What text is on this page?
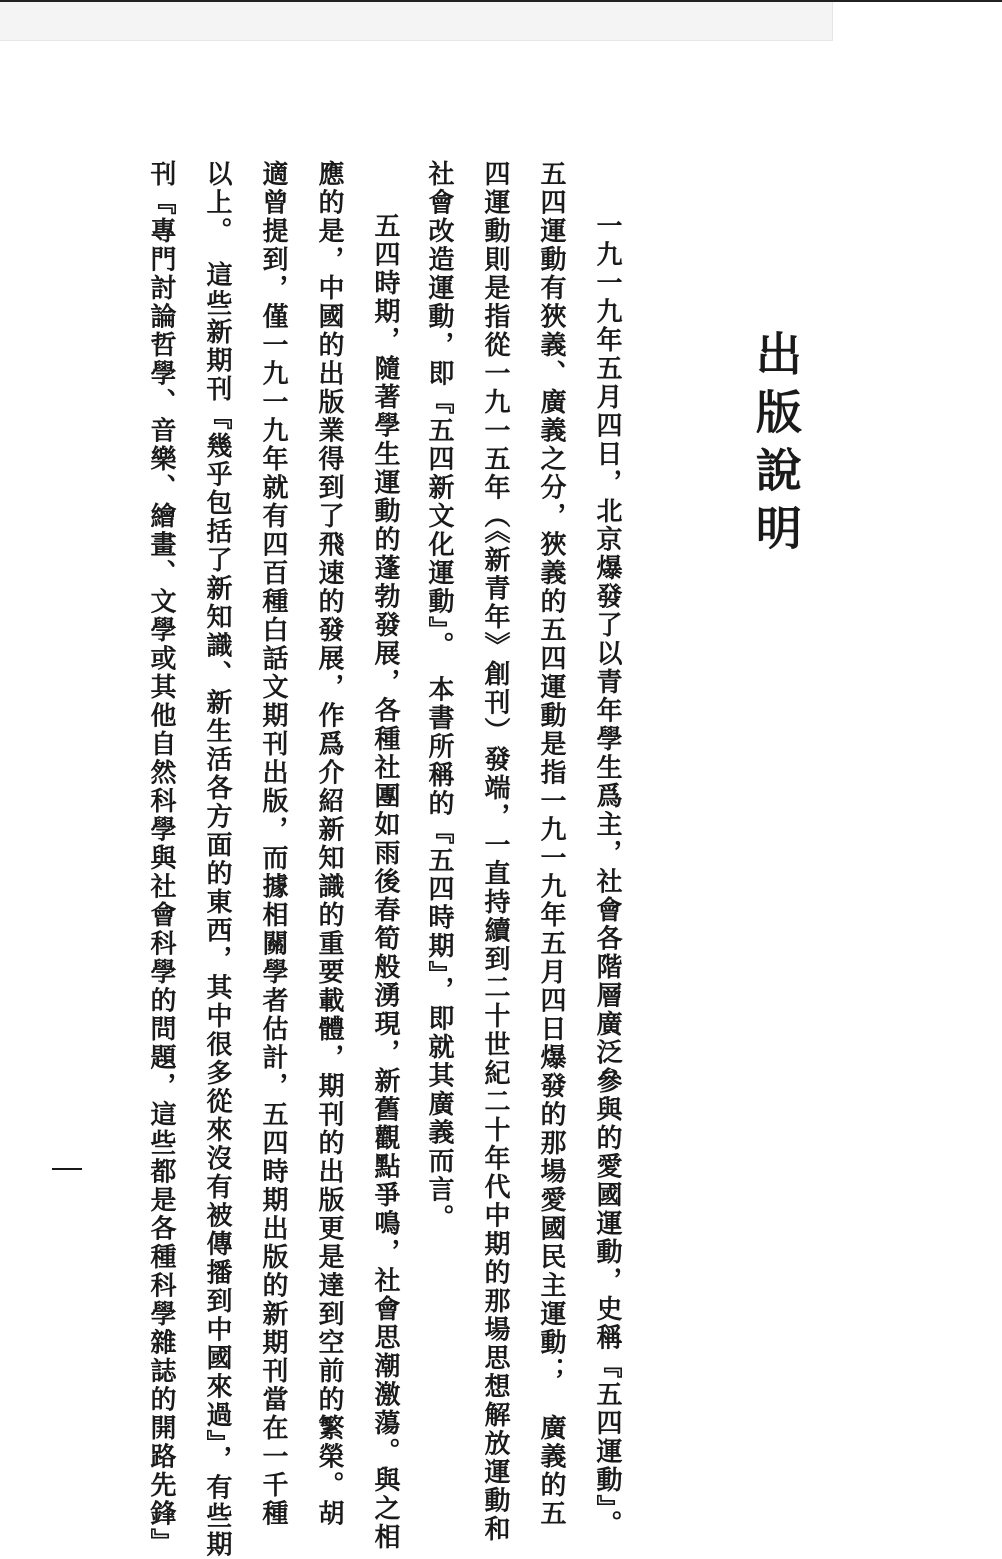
出版說明
一九一九年五月四日，北京爆發了以青年學生爲主，社會各階層廣泛參與的愛國運動，史稱『五四運動』。
五四運動有狹義、廣義之分，狹義的五四運動是指一九一九年五月四日爆發的那場愛國民主運動；　廣義的五
四運動則是指從一九一五年（《新青年》創刊）發端，一直持續到二十世紀二十年代中期的那場思想解放運動和
社會改造運動，即『五四新文化運動』。　本書所稱的『五四時期』，即就其廣義而言。
五四時期，隨著學生運動的蓬勃發展，各種社團如雨後春筍般湧現，新舊觀點爭鳴，社會思潮激蕩。與之相
應的是，中國的出版業得到了飛速的發展，作爲介紹新知識的重要載體，期刊的出版更是達到空前的繁榮。胡
適曾提到，僅一九一九年就有四百種白話文期刊出版，而據相關學者估計，五四時期出版的新期刊當在一千種
以上。　這些新期刊『幾乎包括了新知識、新生活各方面的東西，其中很多從來沒有被傳播到中國來過』，有些期
刊『專門討論哲學、音樂、繪畫、文學或其他自然科學與社會科學的問題，這些都是各種科學雜誌的開路先鋒』
